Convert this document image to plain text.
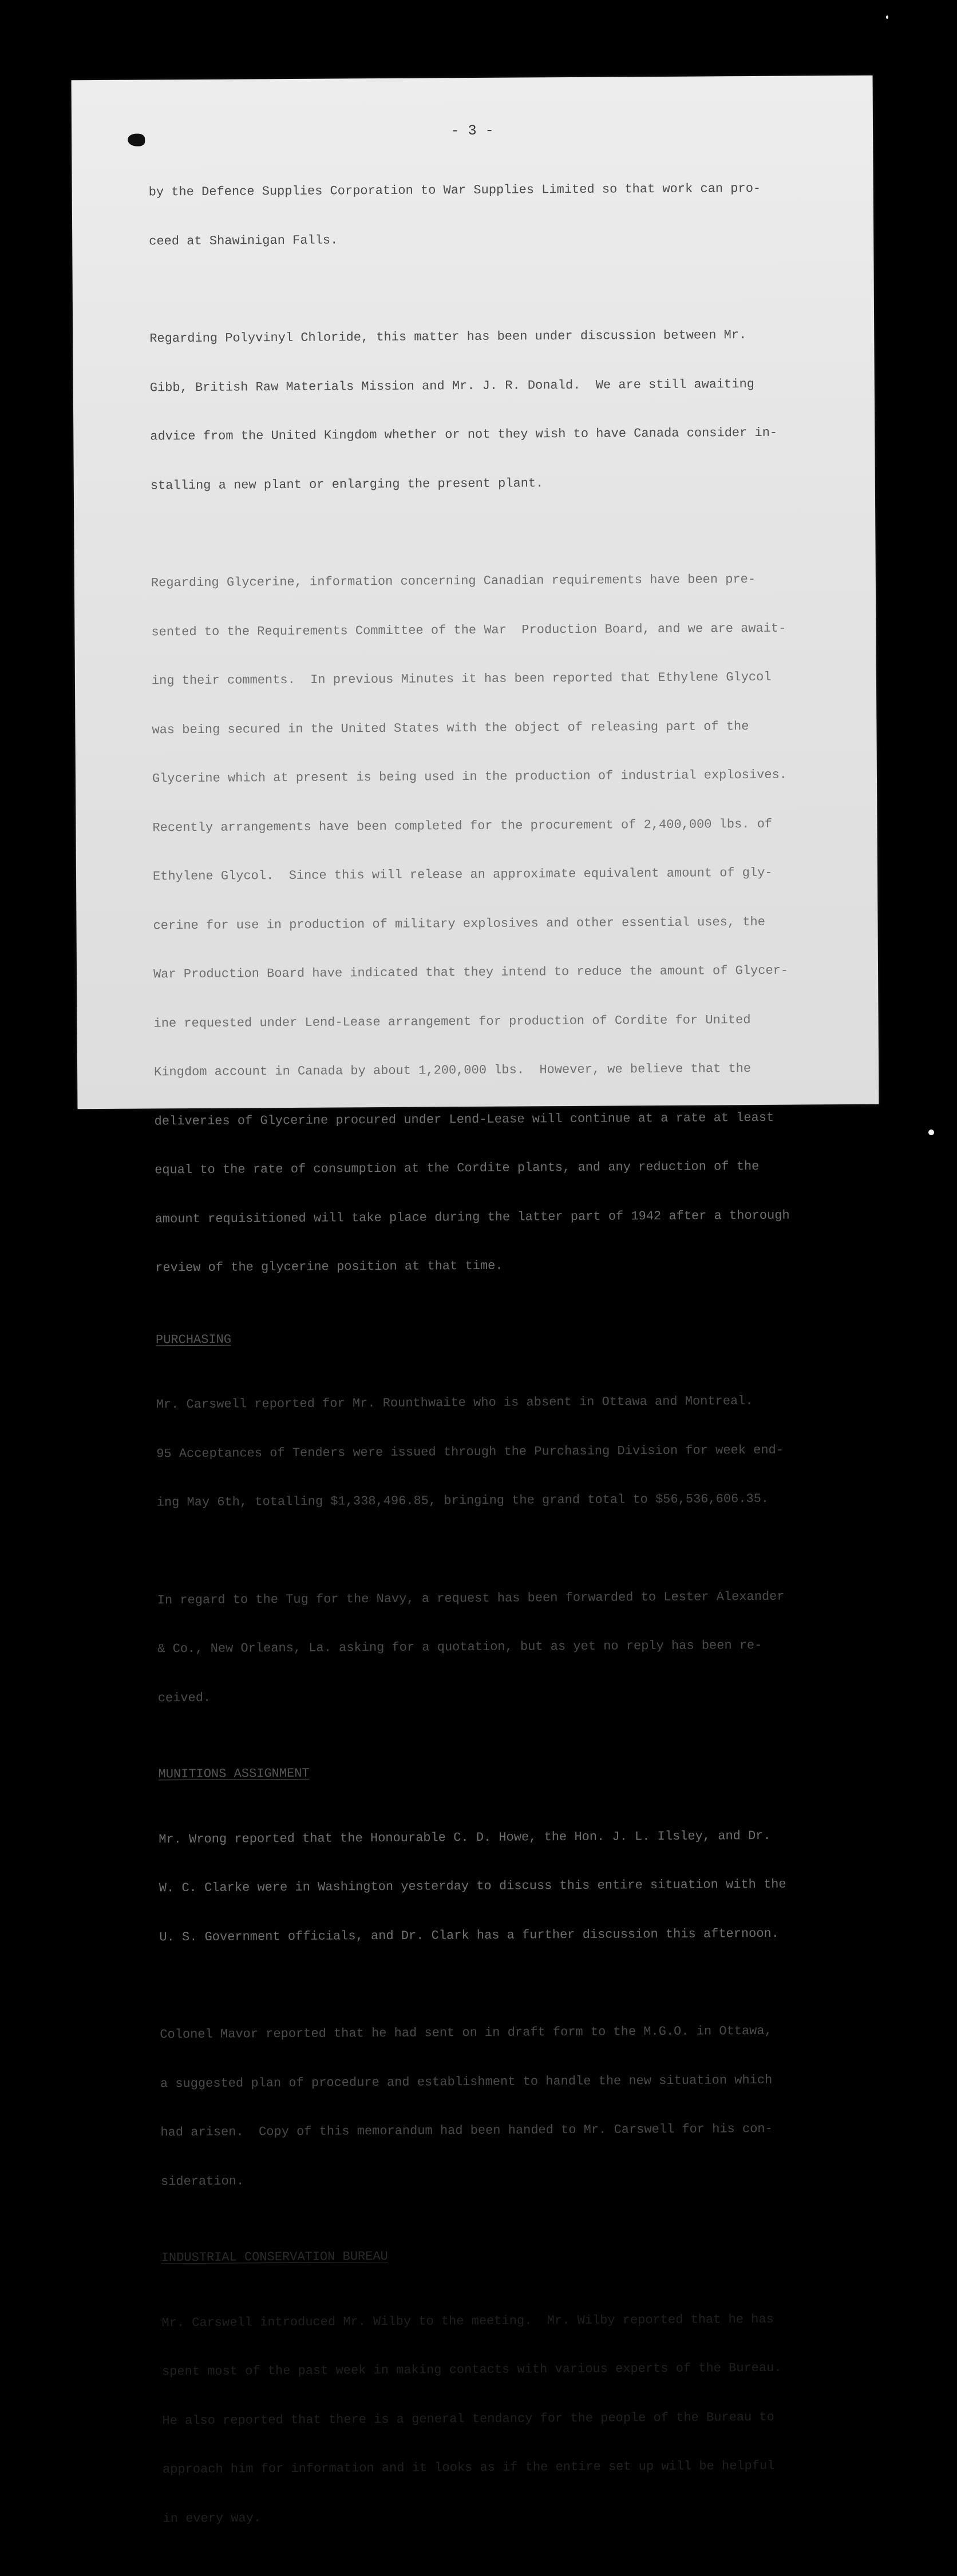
- 3 -

by the Defence Supplies Corporation to War Supplies Limited so that work can pro-

ceed at Shawinigan Falls.

Regarding Polyvinyl Chloride, this matter has been under discussion between Mr.

Gibb, British Raw Materials Mission and Mr. J. R. Donald.  We are still awaiting

advice from the United Kingdom whether or not they wish to have Canada consider in-

stalling a new plant or enlarging the present plant.

Regarding Glycerine, information concerning Canadian requirements have been pre-

sented to the Requirements Committee of the War  Production Board, and we are await-

ing their comments.  In previous Minutes it has been reported that Ethylene Glycol

was being secured in the United States with the object of releasing part of the

Glycerine which at present is being used in the production of industrial explosives.

Recently arrangements have been completed for the procurement of 2,400,000 lbs. of

Ethylene Glycol.  Since this will release an approximate equivalent amount of gly-

cerine for use in production of military explosives and other essential uses, the

War Production Board have indicated that they intend to reduce the amount of Glycer-

ine requested under Lend-Lease arrangement for production of Cordite for United

Kingdom account in Canada by about 1,200,000 lbs.  However, we believe that the

deliveries of Glycerine procured under Lend-Lease will continue at a rate at least

equal to the rate of consumption at the Cordite plants, and any reduction of the

amount requisitioned will take place during the latter part of 1942 after a thorough

review of the glycerine position at that time.

PURCHASING

Mr. Carswell reported for Mr. Rounthwaite who is absent in Ottawa and Montreal.

95 Acceptances of Tenders were issued through the Purchasing Division for week end-

ing May 6th, totalling $1,338,496.85, bringing the grand total to $56,536,606.35.

In regard to the Tug for the Navy, a request has been forwarded to Lester Alexander

& Co., New Orleans, La. asking for a quotation, but as yet no reply has been re-

ceived.

MUNITIONS ASSIGNMENT

Mr. Wrong reported that the Honourable C. D. Howe, the Hon. J. L. Ilsley, and Dr.

W. C. Clarke were in Washington yesterday to discuss this entire situation with the

U. S. Government officials, and Dr. Clark has a further discussion this afternoon.

Colonel Mavor reported that he had sent on in draft form to the M.G.O. in Ottawa,

a suggested plan of procedure and establishment to handle the new situation which

had arisen.  Copy of this memorandum had been handed to Mr. Carswell for his con-

sideration.

INDUSTRIAL CONSERVATION BUREAU

Mr. Carswell introduced Mr. Wilby to the meeting.  Mr. Wilby reported that he has

spent most of the past week in making contacts with various experts of the Bureau.

He also reported that there is a general tendancy for the people of the Bureau to

approach him for information and it looks as if the entire set up will be helpful

in every way.
